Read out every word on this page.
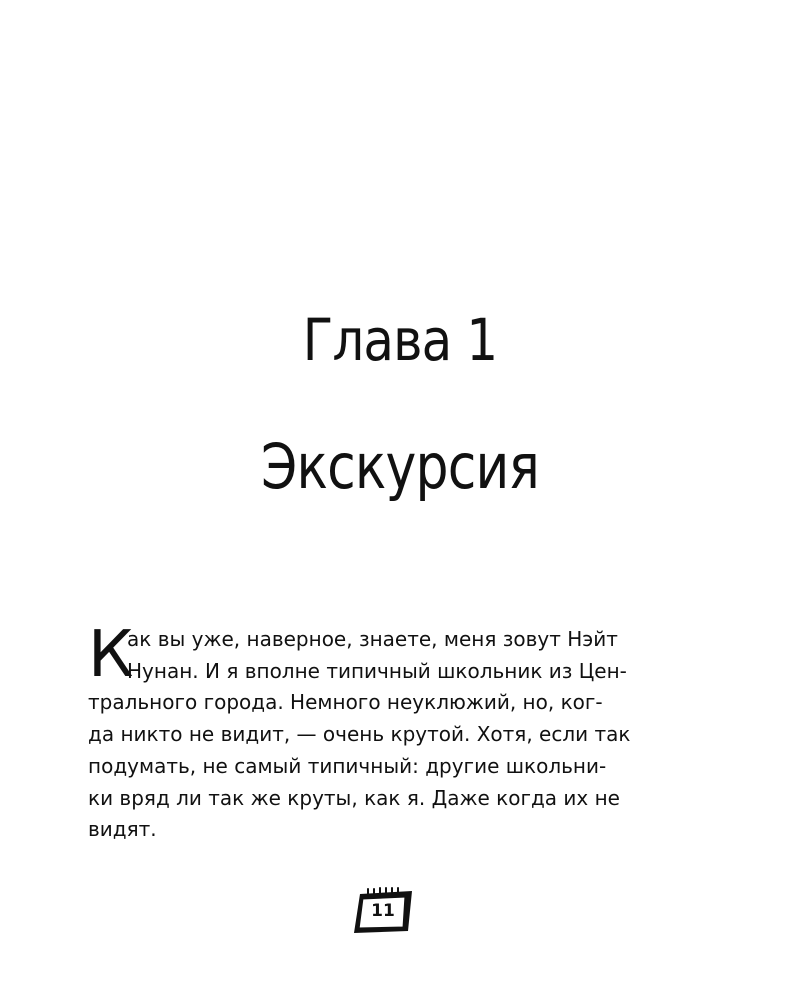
Глава 1
Экскурсия
К
ак вы уже, наверное, знаете, меня зовут Нэйт
Нунан. И я вполне типичный школьник из Цен-
трального города. Немного неуклюжий, но, ког-
да никто не видит, — очень крутой. Хотя, если так
подумать, не самый типичный: другие школьни-
ки вряд ли так же круты, как я. Даже когда их не
видят.
11
